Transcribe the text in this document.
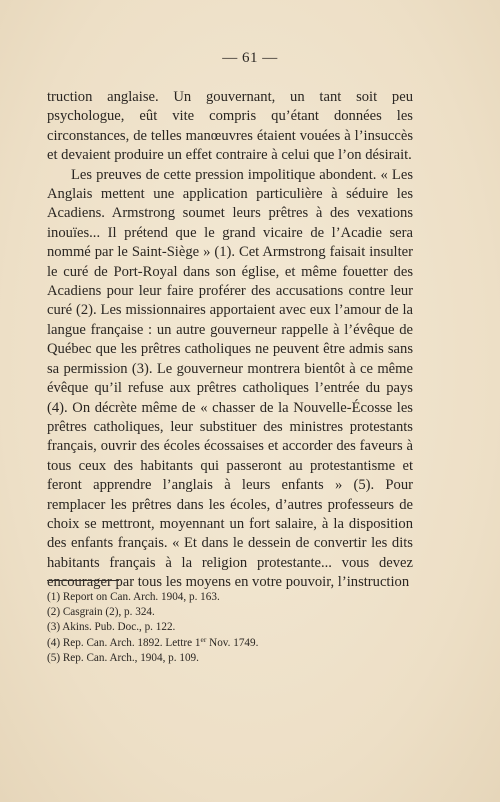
— 61 —

truction anglaise. Un gouvernant, un tant soit peu psychologue, eût vite compris qu’étant données les circonstances, de telles manœuvres étaient vouées à l’insuccès et devaient produire un effet contraire à celui que l’on désirait.

Les preuves de cette pression impolitique abondent. « Les Anglais mettent une application particulière à séduire les Acadiens. Armstrong soumet leurs prêtres à des vexations inouïes... Il prétend que le grand vicaire de l’Acadie sera nommé par le Saint-Siège » (1). Cet Armstrong faisait insulter le curé de Port-Royal dans son église, et même fouetter des Acadiens pour leur faire proférer des accusations contre leur curé (2). Les missionnaires apportaient avec eux l’amour de la langue française : un autre gouverneur rappelle à l’évêque de Québec que les prêtres catholiques ne peuvent être admis sans sa permission (3). Le gouverneur montrera bientôt à ce même évêque qu’il refuse aux prêtres catholiques l’entrée du pays (4). On décrète même de « chasser de la Nouvelle-Écosse les prêtres catholiques, leur substituer des ministres protestants français, ouvrir des écoles écossaises et accorder des faveurs à tous ceux des habitants qui passeront au protestantisme et feront apprendre l’anglais à leurs enfants » (5). Pour remplacer les prêtres dans les écoles, d’autres professeurs de choix se mettront, moyennant un fort salaire, à la disposition des enfants français. « Et dans le dessein de convertir les dits habitants français à la religion protestante... vous devez encourager par tous les moyens en votre pouvoir, l’instruction

(1) Report on Can. Arch. 1904, p. 163.
(2) Casgrain (2), p. 324.
(3) Akins. Pub. Doc., p. 122.
(4) Rep. Can. Arch. 1892. Lettre 1er Nov. 1749.
(5) Rep. Can. Arch., 1904, p. 109.
